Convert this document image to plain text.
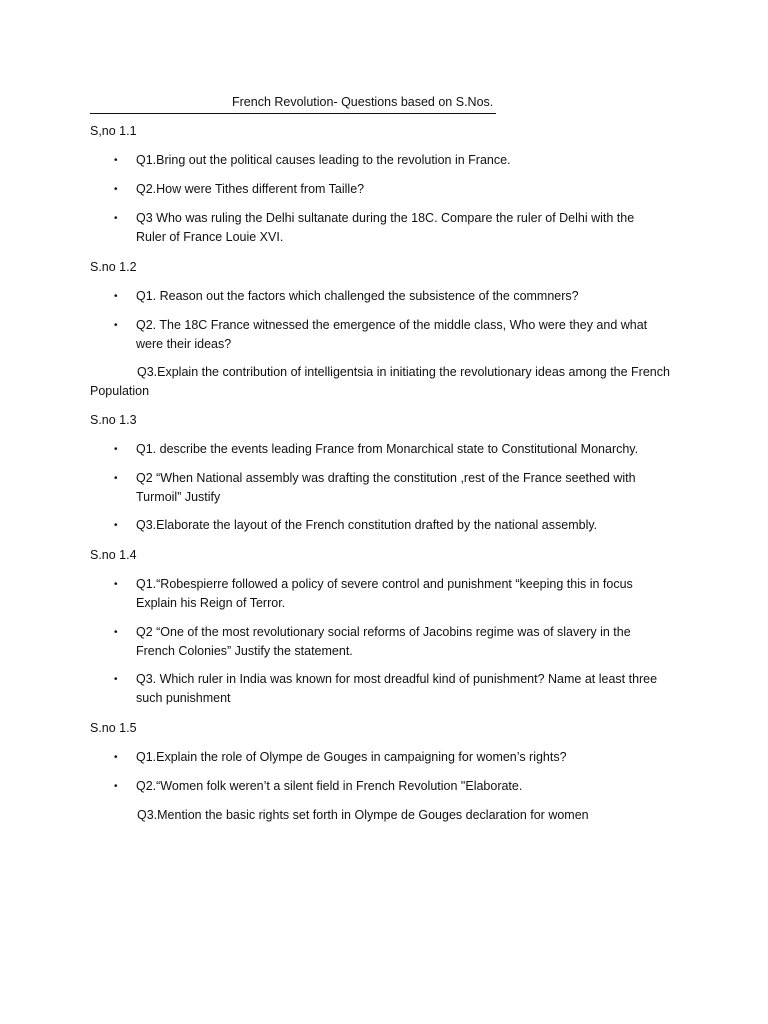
French Revolution- Questions based on S.Nos.
S,no 1.1
• Q1.Bring out the political causes leading to the revolution in France.
• Q2.How were Tithes different from Taille?
• Q3 Who was ruling the Delhi sultanate during the 18C. Compare the ruler of Delhi with the Ruler of France Louie XVI.
S.no 1.2
• Q1. Reason out the factors which challenged the subsistence of the commners?
• Q2. The 18C France witnessed the emergence of the middle class, Who were they and what were their ideas?
Q3.Explain the contribution of intelligentsia in initiating the revolutionary ideas among the French Population
S.no 1.3
• Q1. describe the events leading France from Monarchical state to Constitutional Monarchy.
• Q2 “When National assembly was drafting the constitution ,rest of the France seethed with Turmoil” Justify
• Q3.Elaborate the layout of the French constitution drafted by the national assembly.
S.no 1.4
• Q1.“Robespierre followed a policy of severe control and punishment “keeping this in focus Explain his Reign of Terror.
• Q2 “One of the most revolutionary social reforms of Jacobins regime was of slavery in the French Colonies” Justify the statement.
• Q3. Which ruler in India was known for most dreadful kind of punishment? Name at least three such punishment
S.no 1.5
• Q1.Explain the role of Olympe de Gouges in campaigning for women’s rights?
• Q2.“Women folk weren’t a silent field in French Revolution "Elaborate.
Q3.Mention the basic rights set forth in Olympe de Gouges declaration for women
